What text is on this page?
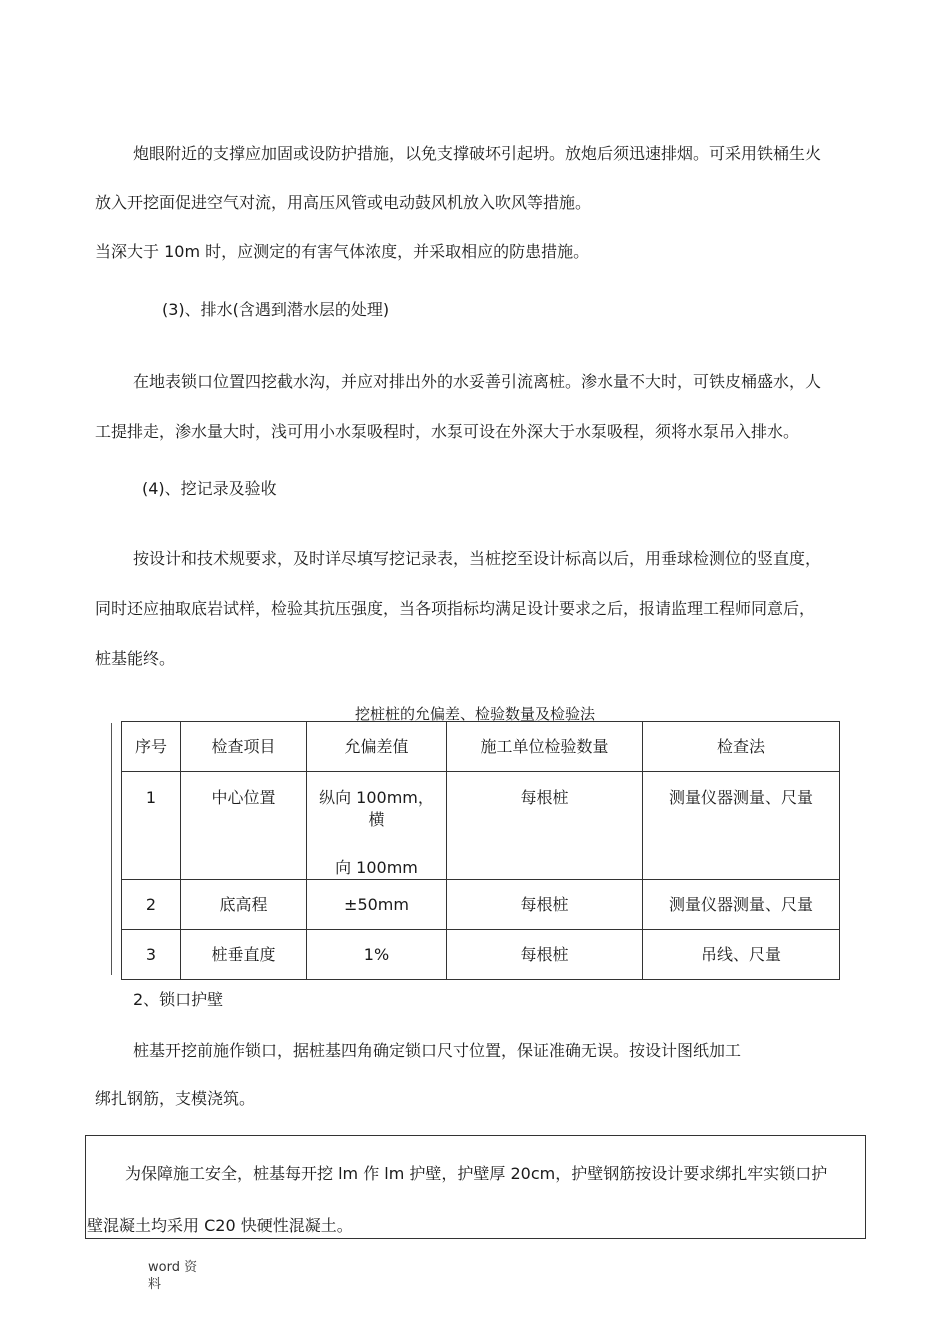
炮眼附近的支撑应加固或设防护措施，以免支撑破坏引起坍。放炮后须迅速排烟。可采用铁桶生火
放入开挖面促进空气对流，用高压风管或电动鼓风机放入吹风等措施。
当深大于 10m 时，应测定的有害气体浓度，并采取相应的防患措施。
(3)、排水(含遇到潜水层的处理)
在地表锁口位置四挖截水沟，并应对排出外的水妥善引流离桩。渗水量不大时，可铁皮桶盛水，人
工提排走，渗水量大时，浅可用小水泵吸程时，水泵可设在外深大于水泵吸程，须将水泵吊入排水。
(4)、挖记录及验收
按设计和技术规要求，及时详尽填写挖记录表，当桩挖至设计标高以后，用垂球检测位的竖直度，
同时还应抽取底岩试样，检验其抗压强度，当各项指标均满足设计要求之后，报请监理工程师同意后，
桩基能终。
挖桩桩的允偏差、检验数量及检验法
序号	检查项目	允偏差值	施工单位检验数量	检查法

1	中心位置	纵向 100mm，
横
向 100mm	每根桩	测量仪器测量、尺量

2	底高程	±50mm	每根桩	测量仪器测量、尺量
3	桩垂直度	1%	每根桩	吊线、尺量
2、锁口护壁
桩基开挖前施作锁口，据桩基四角确定锁口尺寸位置，保证准确无误。按设计图纸加工
绑扎钢筋，支模浇筑。
为保障施工安全，桩基每开挖 lm 作 lm 护壁，护壁厚 20cm，护壁钢筋按设计要求绑扎牢实锁口护
壁混凝土均采用 C20 快硬性混凝土。
word 资
料
